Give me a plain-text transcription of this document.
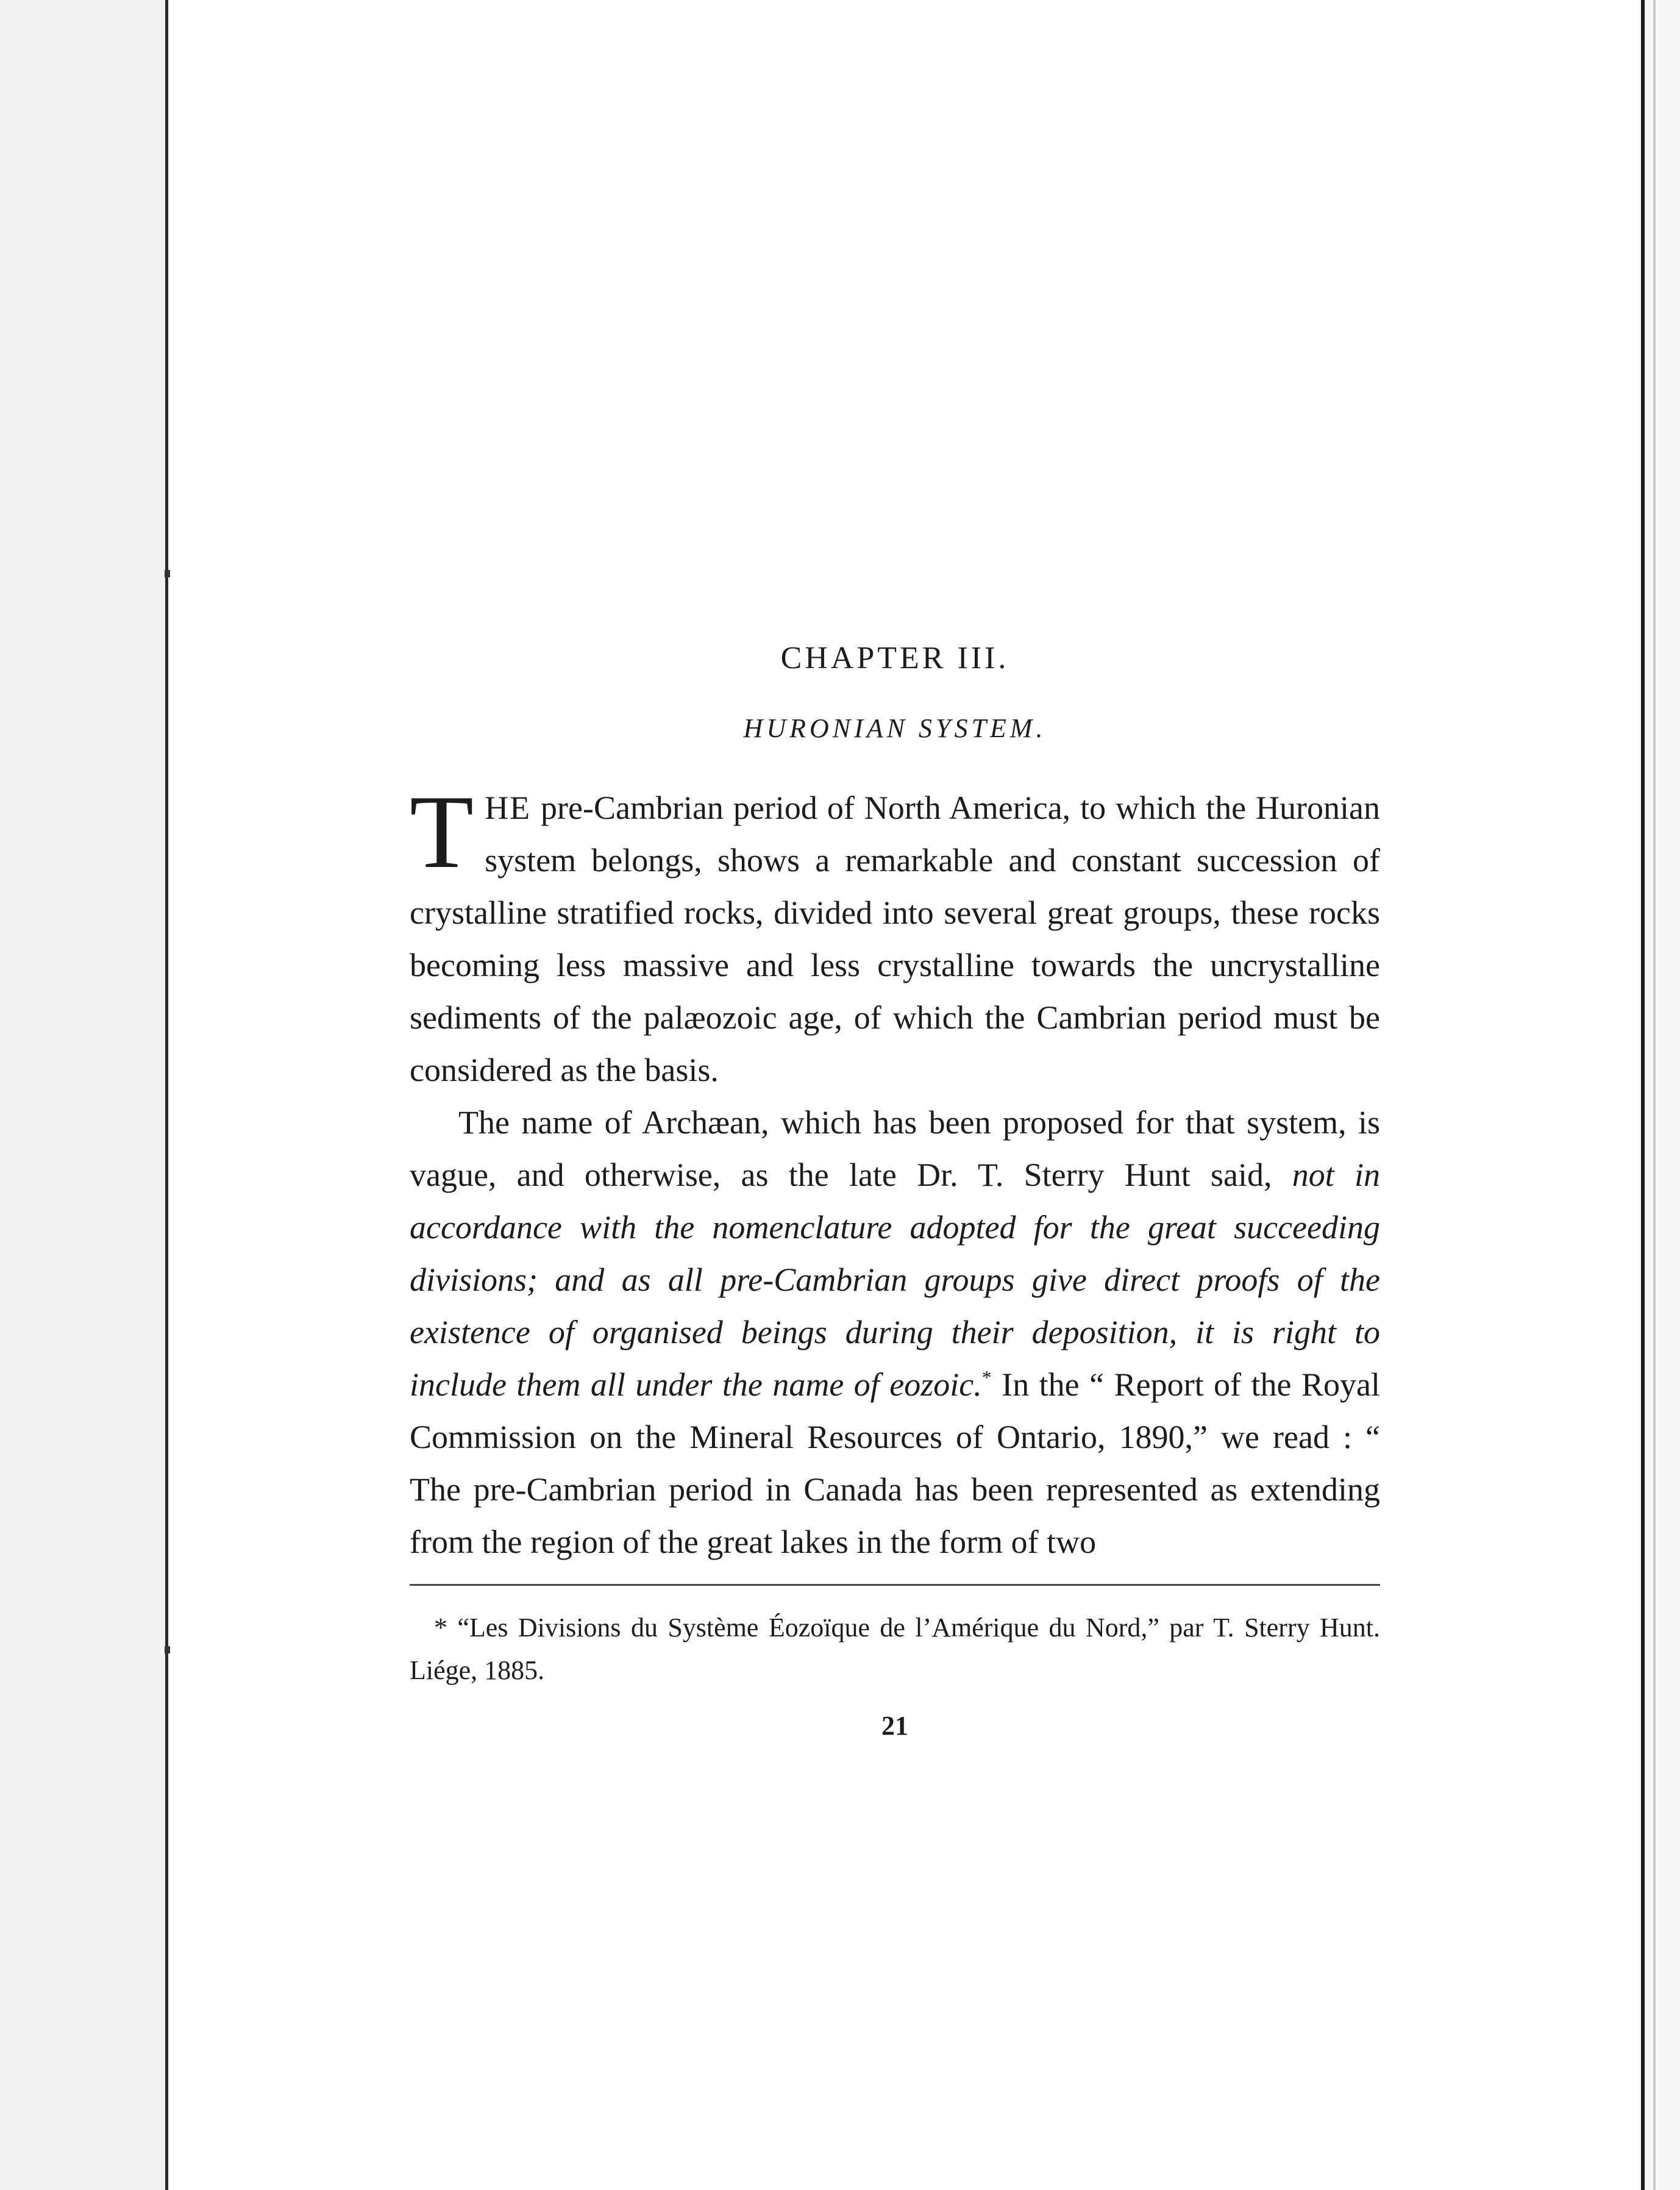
CHAPTER III.
HURONIAN SYSTEM.

THE pre-Cambrian period of North America, to which the Huronian system belongs, shows a remarkable and constant succession of crystalline stratified rocks, divided into several great groups, these rocks becoming less massive and less crystalline towards the uncrystalline sediments of the palæozoic age, of which the Cambrian period must be considered as the basis.

The name of Archæan, which has been proposed for that system, is vague, and otherwise, as the late Dr. T. Sterry Hunt said, not in accordance with the nomenclature adopted for the great succeeding divisions; and as all pre-Cambrian groups give direct proofs of the existence of organised beings during their deposition, it is right to include them all under the name of eozoic.* In the “ Report of the Royal Commission on the Mineral Resources of Ontario, 1890,” we read : “ The pre-Cambrian period in Canada has been represented as extending from the region of the great lakes in the form of two

* “Les Divisions du Système Éozoïque de l’Amérique du Nord,” par T. Sterry Hunt. Liége, 1885.

21
